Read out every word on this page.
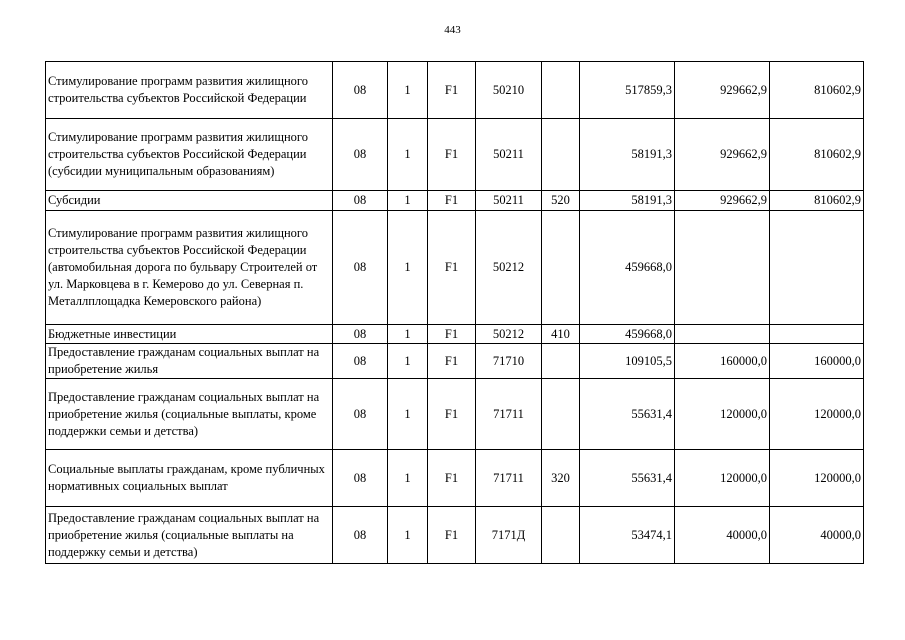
443
Стимулирование программ развития жилищного строительства субъектов Российской Федерации	08	1	F1	50210		517859,3	929662,9	810602,9
Стимулирование программ развития жилищного строительства субъектов Российской Федерации (субсидии муниципальным образованиям)	08	1	F1	50211		58191,3	929662,9	810602,9
Субсидии	08	1	F1	50211	520	58191,3	929662,9	810602,9
Стимулирование программ развития жилищного строительства субъектов Российской Федерации (автомобильная дорога по бульвару Строителей от ул. Марковцева в г. Кемерово до ул. Северная п. Металлплощадка Кемеровского района)	08	1	F1	50212		459668,0		
Бюджетные инвестиции	08	1	F1	50212	410	459668,0		
Предоставление гражданам социальных выплат на приобретение жилья	08	1	F1	71710		109105,5	160000,0	160000,0
Предоставление гражданам социальных выплат на приобретение жилья (социальные выплаты, кроме поддержки семьи и детства)	08	1	F1	71711		55631,4	120000,0	120000,0
Социальные выплаты гражданам, кроме публичных нормативных социальных выплат	08	1	F1	71711	320	55631,4	120000,0	120000,0
Предоставление гражданам социальных выплат на приобретение жилья (социальные выплаты на поддержку семьи и детства)	08	1	F1	7171Д		53474,1	40000,0	40000,0
